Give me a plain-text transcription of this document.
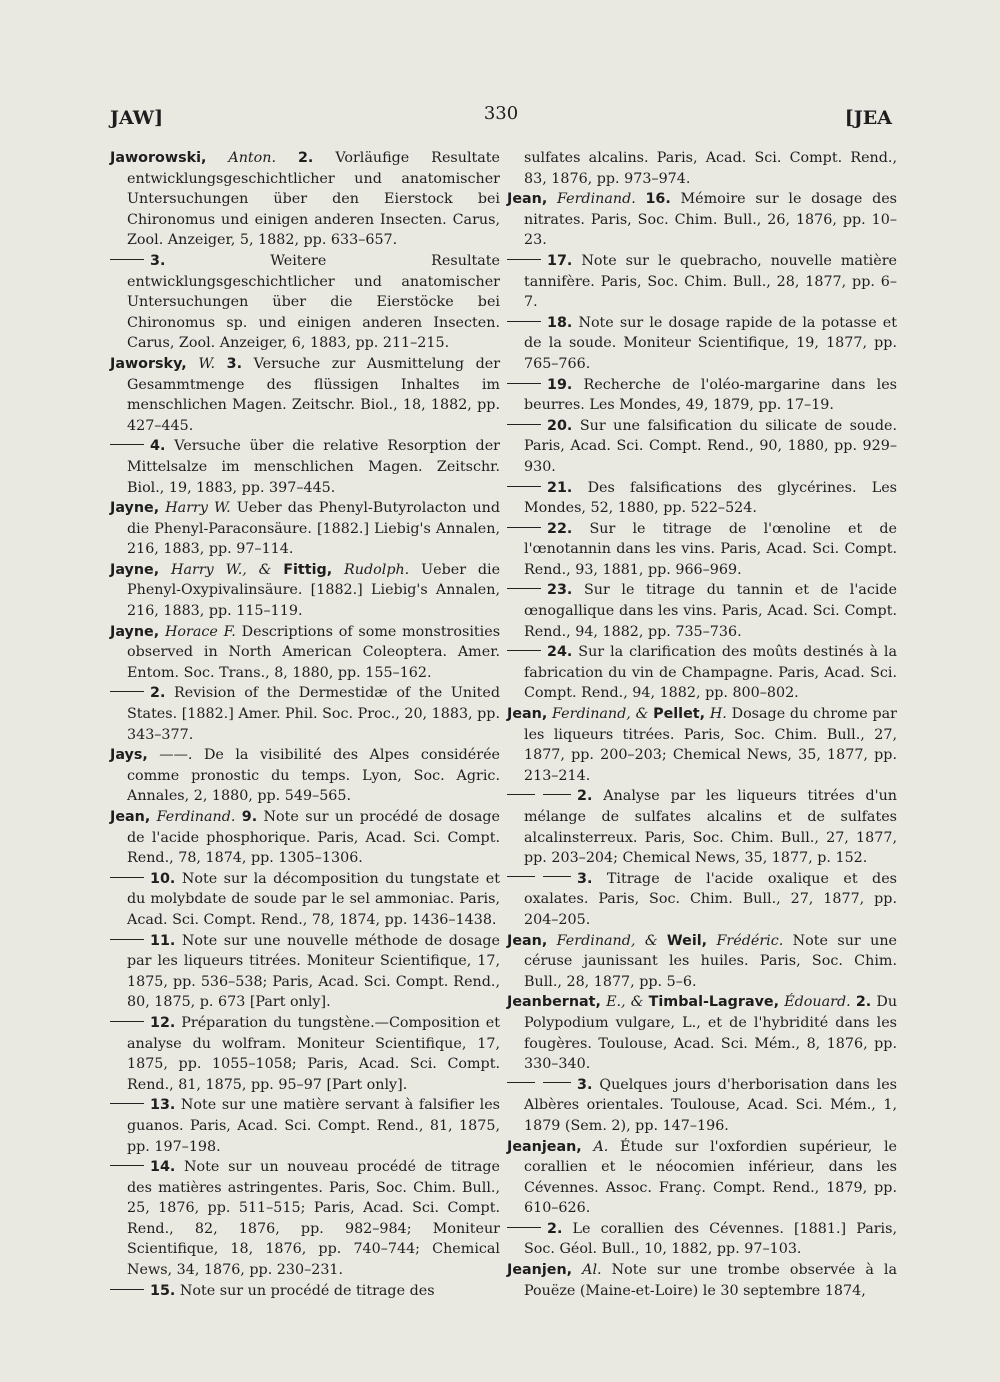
JAW]	330	[JEA

Jaworowski, Anton. 2. Vorläufige Resultate entwicklungsgeschichtlicher und anatomischer Untersuchungen über den Eierstock bei Chironomus und einigen anderen Insecten. Carus, Zool. Anzeiger, 5, 1882, pp. 633–657.

3.	Weitere Resultate entwicklungsgeschichtlicher und anatomischer Untersuchungen über die Eierstöcke bei Chironomus sp. und einigen anderen Insecten. Carus, Zool. Anzeiger, 6, 1883, pp. 211–215.

Jaworsky, W. 3. Versuche zur Ausmittelung der Gesammtmenge des flüssigen Inhaltes im menschlichen Magen. Zeitschr. Biol., 18, 1882, pp. 427–445.

4. Versuche über die relative Resorption der Mittelsalze im menschlichen Magen. Zeitschr. Biol., 19, 1883, pp. 397–445.

Jayne, Harry W. Ueber das Phenyl-Butyrolacton und die Phenyl-Paraconsäure. [1882.] Liebig's Annalen, 216, 1883, pp. 97–114.

Jayne, Harry W., & Fittig, Rudolph. Ueber die Phenyl-Oxypivalinsäure. [1882.] Liebig's Annalen, 216, 1883, pp. 115–119.

Jayne, Horace F. Descriptions of some monstrosities observed in North American Coleoptera. Amer. Entom. Soc. Trans., 8, 1880, pp. 155–162.

2. Revision of the Dermestidæ of the United States. [1882.] Amer. Phil. Soc. Proc., 20, 1883, pp. 343–377.

Jays, ——. De la visibilité des Alpes considérée comme pronostic du temps. Lyon, Soc. Agric. Annales, 2, 1880, pp. 549–565.

Jean, Ferdinand. 9. Note sur un procédé de dosage de l'acide phosphorique. Paris, Acad. Sci. Compt. Rend., 78, 1874, pp. 1305–1306.

10. Note sur la décomposition du tungstate et du molybdate de soude par le sel ammoniac. Paris, Acad. Sci. Compt. Rend., 78, 1874, pp. 1436–1438.

11. Note sur une nouvelle méthode de dosage par les liqueurs titrées. Moniteur Scientifique, 17, 1875, pp. 536–538; Paris, Acad. Sci. Compt. Rend., 80, 1875, p. 673 [Part only].

12. Préparation du tungstène.—Composition et analyse du wolfram. Moniteur Scientifique, 17, 1875, pp. 1055–1058; Paris, Acad. Sci. Compt. Rend., 81, 1875, pp. 95–97 [Part only].

13. Note sur une matière servant à falsifier les guanos. Paris, Acad. Sci. Compt. Rend., 81, 1875, pp. 197–198.

14. Note sur un nouveau procédé de titrage des matières astringentes. Paris, Soc. Chim. Bull., 25, 1876, pp. 511–515; Paris, Acad. Sci. Compt. Rend., 82, 1876, pp. 982–984; Moniteur Scientifique, 18, 1876, pp. 740–744; Chemical News, 34, 1876, pp. 230–231.

15. Note sur un procédé de titrage des

sulfates alcalins. Paris, Acad. Sci. Compt. Rend., 83, 1876, pp. 973–974.

Jean, Ferdinand. 16. Mémoire sur le dosage des nitrates. Paris, Soc. Chim. Bull., 26, 1876, pp. 10–23.

17. Note sur le quebracho, nouvelle matière tannifère. Paris, Soc. Chim. Bull., 28, 1877, pp. 6–7.

18. Note sur le dosage rapide de la potasse et de la soude. Moniteur Scientifique, 19, 1877, pp. 765–766.

19. Recherche de l'oléo-margarine dans les beurres. Les Mondes, 49, 1879, pp. 17–19.

20. Sur une falsification du silicate de soude. Paris, Acad. Sci. Compt. Rend., 90, 1880, pp. 929–930.

21. Des falsifications des glycérines. Les Mondes, 52, 1880, pp. 522–524.

22. Sur le titrage de l'œnoline et de l'œnotannin dans les vins. Paris, Acad. Sci. Compt. Rend., 93, 1881, pp. 966–969.

23. Sur le titrage du tannin et de l'acide œnogallique dans les vins. Paris, Acad. Sci. Compt. Rend., 94, 1882, pp. 735–736.

24. Sur la clarification des moûts destinés à la fabrication du vin de Champagne. Paris, Acad. Sci. Compt. Rend., 94, 1882, pp. 800–802.

Jean, Ferdinand, & Pellet, H. Dosage du chrome par les liqueurs titrées. Paris, Soc. Chim. Bull., 27, 1877, pp. 200–203; Chemical News, 35, 1877, pp. 213–214.

2. Analyse par les liqueurs titrées d'un mélange de sulfates alcalins et de sulfates alcalinsterreux. Paris, Soc. Chim. Bull., 27, 1877, pp. 203–204; Chemical News, 35, 1877, p. 152.

3. Titrage de l'acide oxalique et des oxalates. Paris, Soc. Chim. Bull., 27, 1877, pp. 204–205.

Jean, Ferdinand, & Weil, Frédéric. Note sur une céruse jaunissant les huiles. Paris, Soc. Chim. Bull., 28, 1877, pp. 5–6.

Jeanbernat, E., & Timbal-Lagrave, Édouard. 2. Du Polypodium vulgare, L., et de l'hybridité dans les fougères. Toulouse, Acad. Sci. Mém., 8, 1876, pp. 330–340.

3. Quelques jours d'herborisation dans les Albères orientales. Toulouse, Acad. Sci. Mém., 1, 1879 (Sem. 2), pp. 147–196.

Jeanjean, A. Étude sur l'oxfordien supérieur, le corallien et le néocomien inférieur, dans les Cévennes. Assoc. Franç. Compt. Rend., 1879, pp. 610–626.

2. Le corallien des Cévennes. [1881.] Paris, Soc. Géol. Bull., 10, 1882, pp. 97–103.

Jeanjen, Al. Note sur une trombe observée à la Pouëze (Maine-et-Loire) le 30 septembre 1874,
